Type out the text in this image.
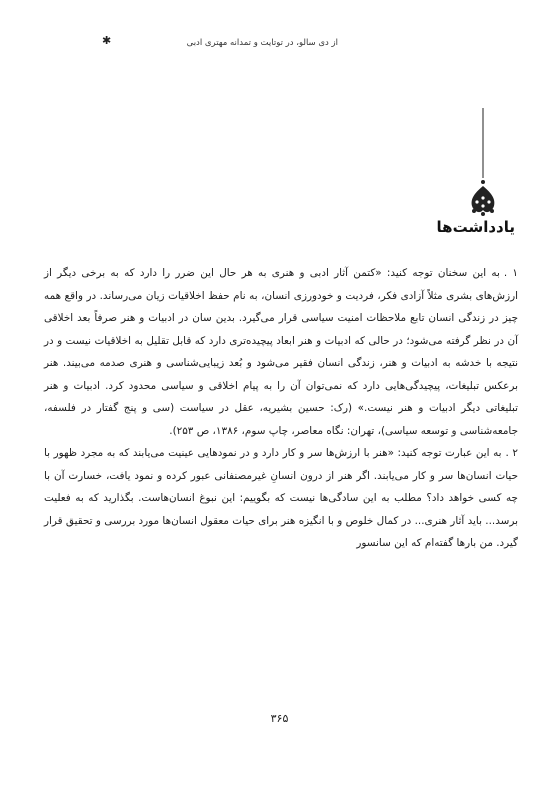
✱	از دی سالو، در توتایت و تمدانه مهتری ادبی
یادداشت‌ها

۱ .به این سخنان توجه کنید: «کتمن آثار ادبی و هنری به هر حال این ضرر را دارد که به برخی دیگر از ارزش‌های بشری مثلاً آزادی فکر، فردیت و خودورزی انسان، به نام حفظ اخلاقیات زیان می‌رساند. در واقع همه چیز در زندگی انسان تابع ملاحظات امنیت سیاسی قرار می‌گیرد. بدین سان در ادبیات و هنر صرفاً بعد اخلاقی آن در نظر گرفته می‌شود؛ در حالی که ادبیات و هنر ابعاد پیچیده‌تری دارد که قابل تقلیل به اخلاقیات نیست و در نتیجه با خدشه به ادبیات و هنر، زندگی انسان فقیر می‌شود و بُعد زیبایی‌شناسی و هنری صدمه می‌بیند. هنر برعکس تبلیغات، پیچیدگی‌هایی دارد که نمی‌توان آن را به پیام اخلاقی و سیاسی محدود کرد. ادبیات و هنر تبلیغاتی دیگر ادبیات و هنر نیست.» (رک: حسین بشیریه، عقل در سیاست (سی و پنج گفتار در فلسفه، جامعه‌شناسی و توسعه سیاسی)، تهران: نگاه معاصر، چاپ سوم، ۱۳۸۶، ص ۲۵۳).

۲ .به این عبارت توجه کنید: «هنر با ارزش‌ها سر و کار دارد و در نمودهایی عینیت می‌یابند که به مجرد ظهور با حیات انسان‌ها سر و کار می‌یابند. اگر هنر از درون انسانِ غیرمصنفانی عبور کرده و نمود یافت، خسارت آن با چه کسی خواهد داد؟ مطلب به این سادگی‌ها نیست که بگوییم: این نبوغ انسان‌هاست. بگذارید که به فعلیت برسد... باید آثار هنری... در کمال خلوص و با انگیزه هنر برای حیات معقول انسان‌ها مورد بررسی و تحقیق قرار گیرد. من بارها گفته‌ام که این سانسور

۳۶۵
